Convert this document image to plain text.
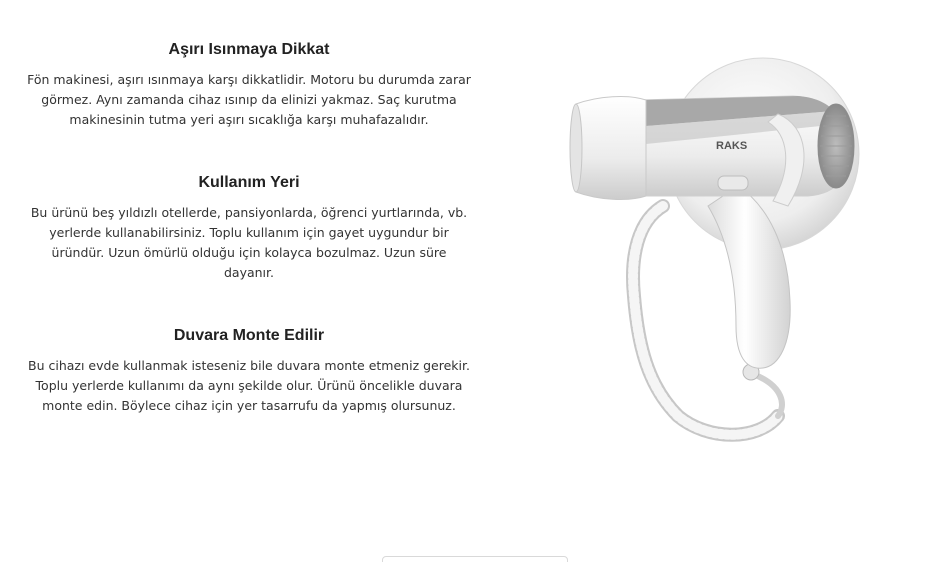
Aşırı Isınmaya Dikkat

Fön makinesi, aşırı ısınmaya karşı dikkatlidir. Motoru bu durumda zarar görmez. Aynı zamanda cihaz ısınıp da elinizi yakmaz. Saç kurutma makinesinin tutma yeri aşırı sıcaklığa karşı muhafazalıdır.

Kullanım Yeri

Bu ürünü beş yıldızlı otellerde, pansiyonlarda, öğrenci yurtlarında, vb. yerlerde kullanabilirsiniz. Toplu kullanım için gayet uygundur bir üründür. Uzun ömürlü olduğu için kolayca bozulmaz. Uzun süre dayanır.

Duvara Monte Edilir

Bu cihazı evde kullanmak isteseniz bile duvara monte etmeniz gerekir. Toplu yerlerde kullanımı da aynı şekilde olur. Ürünü öncelikle duvara monte edin. Böylece cihaz için yer tasarrufu da yapmış olursunuz.

RAKS
